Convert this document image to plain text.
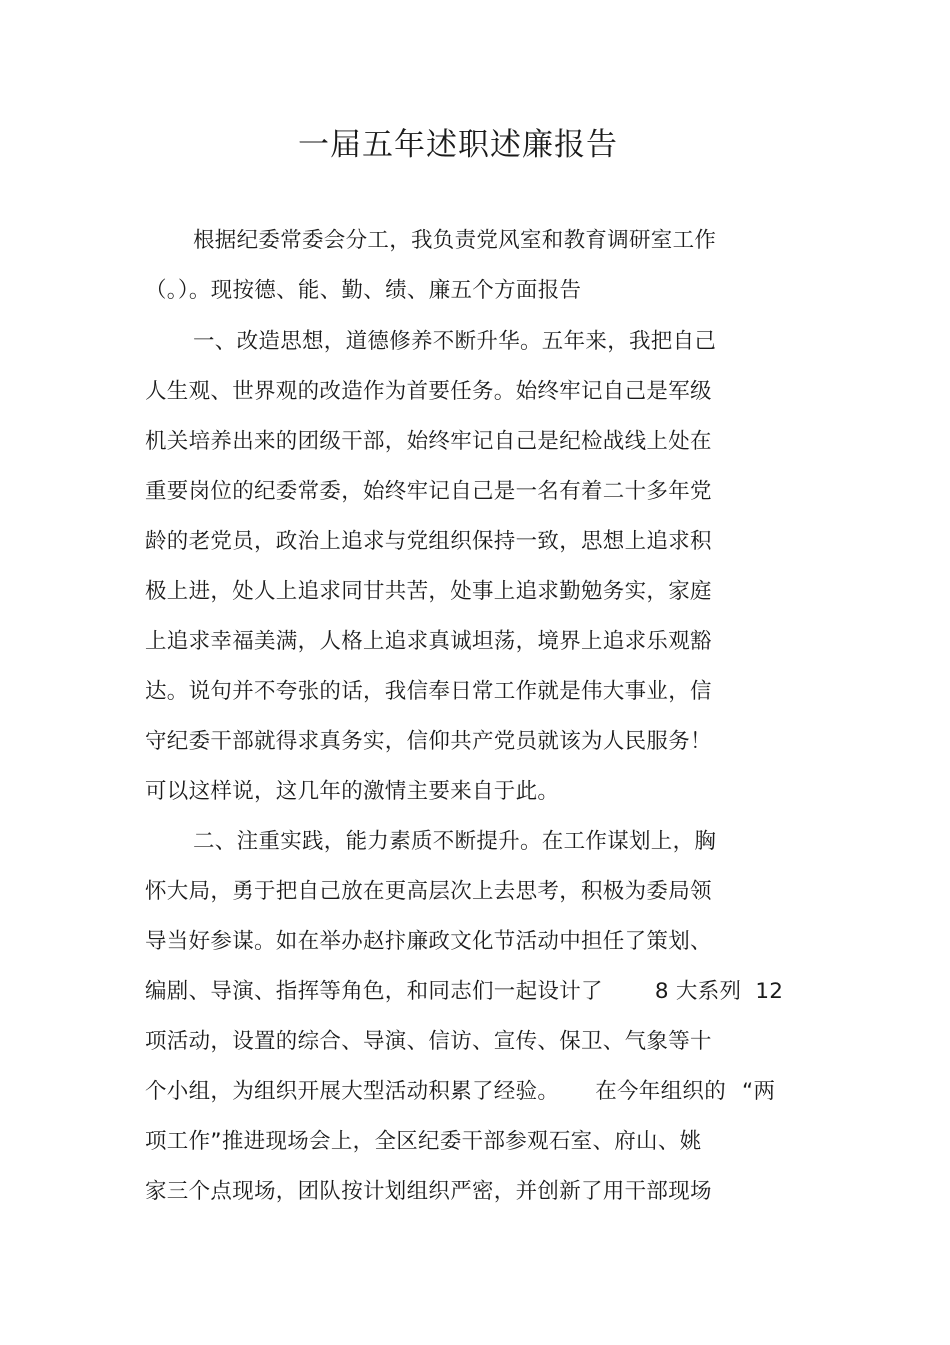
一届五年述职述廉报告
根据纪委常委会分工，我负责党风室和教育调研室工作
（。）。现按德、能、勤、绩、廉五个方面报告
一、改造思想，道德修养不断升华。五年来，我把自己
人生观、世界观的改造作为首要任务。始终牢记自己是军级
机关培养出来的团级干部，始终牢记自己是纪检战线上处在
重要岗位的纪委常委，始终牢记自己是一名有着二十多年党
龄的老党员，政治上追求与党组织保持一致，思想上追求积
极上进，处人上追求同甘共苦，处事上追求勤勉务实，家庭
上追求幸福美满，人格上追求真诚坦荡，境界上追求乐观豁
达。说句并不夸张的话，我信奉日常工作就是伟大事业，信
守纪委干部就得求真务实，信仰共产党员就该为人民服务！
可以这样说，这几年的激情主要来自于此。
二、注重实践，能力素质不断提升。在工作谋划上，胸
怀大局，勇于把自己放在更高层次上去思考，积极为委局领
导当好参谋。如在举办赵抃廉政文化节活动中担任了策划、
编剧、导演、指挥等角色，和同志们一起设计了 8 大系列 12
项活动，设置的综合、导演、信访、宣传、保卫、气象等十
个小组，为组织开展大型活动积累了经验。 在今年组织的 “两
项工作”推进现场会上，全区纪委干部参观石室、府山、姚
家三个点现场，团队按计划组织严密，并创新了用干部现场
